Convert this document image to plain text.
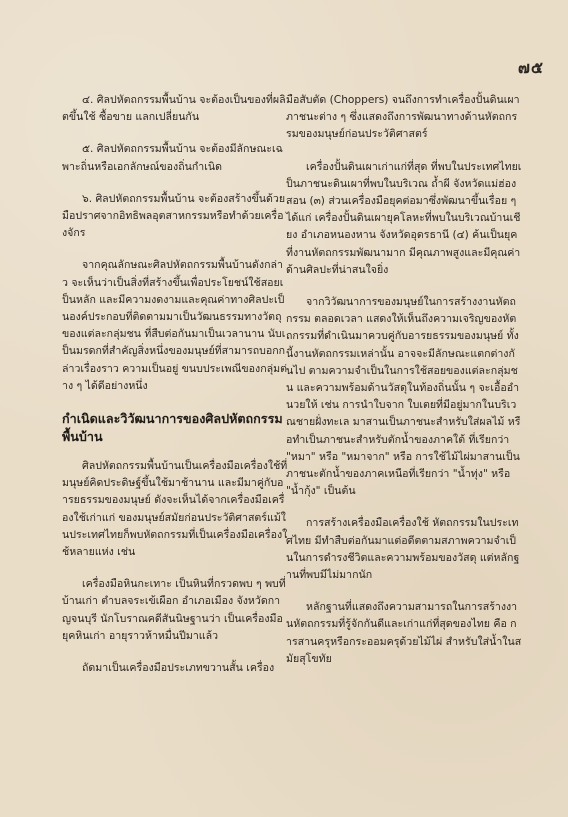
๗๕

๔. ศิลปหัตถกรรมพื้นบ้าน จะต้องเป็นของที่ผลิตขึ้นใช้ ซื้อขาย แลกเปลี่ยนกัน

๕. ศิลปหัตถกรรมพื้นบ้าน จะต้องมีลักษณะเฉพาะถิ่นหรือเอกลักษณ์ของถิ่นกำเนิด

๖. ศิลปหัตถกรรมพื้นบ้าน จะต้องสร้างขึ้นด้วยมือปราศจากอิทธิพลอุตสาหกรรมหรือทำด้วยเครื่องจักร

จากคุณลักษณะศิลปหัตถกรรมพื้นบ้านดังกล่าว จะเห็นว่าเป็นสิ่งที่สร้างขึ้นเพื่อประโยชน์ใช้สอยเป็นหลัก และมีความงดงามและคุณค่าทางศิลปะเป็นองค์ประกอบที่ติดตามมาเป็นวัฒนธรรมทางวัตถุของแต่ละกลุ่มชน ที่สืบต่อกันมาเป็นเวลานาน นับเป็นมรดกที่สำคัญสิ่งหนึ่งของมนุษย์ที่สามารถบอกกล่าวเรื่องราว ความเป็นอยู่ ขนบประเพณีของกลุ่มต่าง ๆ ได้ดีอย่างหนึ่ง

กำเนิดและวิวัฒนาการของศิลปหัตถกรรมพื้นบ้าน

ศิลปหัตถกรรมพื้นบ้านเป็นเครื่องมือเครื่องใช้ที่มนุษย์คิดประดิษฐ์ขึ้นใช้มาช้านาน และมีมาคู่กับอารยธรรมของมนุษย์ ดังจะเห็นได้จากเครื่องมือเครื่องใช้เก่าแก่ ของมนุษย์สมัยก่อนประวัติศาสตร์แม้ในประเทศไทยก็พบหัตถกรรมที่เป็นเครื่องมือเครื่องใช้หลายแห่ง เช่น

เครื่องมือหินกะเทาะ เป็นหินที่กรวดพบ ๆ พบที่บ้านเก่า ตำบลจระเข้เผือก อำเภอเมือง จังหวัดกาญจนบุรี นักโบราณคดีสันนิษฐานว่า เป็นเครื่องมือยุคหินเก่า อายุราวห้าหมื่นปีมาแล้ว

ถัดมาเป็นเครื่องมือประเภทขวานสั้น เครื่อง

มือสับตัด (Choppers) จนถึงการทำเครื่องปั้นดินเผาภาชนะต่าง ๆ ซึ่งแสดงถึงการพัฒนาทางด้านหัตถกรรมของมนุษย์ก่อนประวัติศาสตร์

เครื่องปั้นดินเผาเก่าแก่ที่สุด ที่พบในประเทศไทยเป็นภาชนะดินเผาที่พบในบริเวณ ถ้ำผี จังหวัดแม่ฮ่องสอน (๓) ส่วนเครื่องมือยุคต่อมาซึ่งพัฒนาขึ้นเรื่อย ๆ ได้แก่ เครื่องปั้นดินเผายุคโลหะที่พบในบริเวณบ้านเชียง อำเภอหนองหาน จังหวัดอุดรธานี (๔) ค้นเป็นยุคที่งานหัตถกรรมพัฒนามาก มีคุณภาพสูงและมีคุณค่าด้านศิลปะที่น่าสนใจยิ่ง

จากวิวัฒนาการของมนุษย์ในการสร้างงานหัตถกรรม ตลอดเวลา แสดงให้เห็นถึงความเจริญของหัตถกรรมที่ดำเนินมาควบคู่กับอารยธรรมของมนุษย์ ทั้งนี้งานหัตถกรรมเหล่านั้น อาจจะมีลักษณะแตกต่างกันไป ตามความจำเป็นในการใช้สอยของแต่ละกลุ่มชน และความพร้อมด้านวัสดุในท้องถิ่นนั้น ๆ จะเอื้ออำนวยให้ เช่น การนำใบจาก ใบเตยที่มีอยู่มากในบริเวณชายฝั่งทะเล มาสานเป็นภาชนะสำหรับใส่ผลไม้ หรือทำเป็นภาชนะสำหรับตักน้ำของภาคใต้ ที่เรียกว่า "หมา" หรือ "หมาจาก" หรือ การใช้ไม้ไผ่มาสานเป็นภาชนะตักน้ำของภาคเหนือที่เรียกว่า "น้ำทุ่ง" หรือ "น้ำกุ้ง" เป็นต้น

การสร้างเครื่องมือเครื่องใช้ หัตถกรรมในประเทศไทย มีทำสืบต่อกันมาแต่อดีตตามสภาพความจำเป็นในการดำรงชีวิตและความพร้อมของวัสดุ แต่หลักฐานที่พบมีไม่มากนัก

หลักฐานที่แสดงถึงความสามารถในการสร้างงานหัตถกรรมที่รู้จักกันดีและเก่าแก่ที่สุดของไทย คือ การสานครุหรือกระออมครุด้วยไม้ไผ่ สำหรับใส่น้ำในสมัยสุโขทัย
